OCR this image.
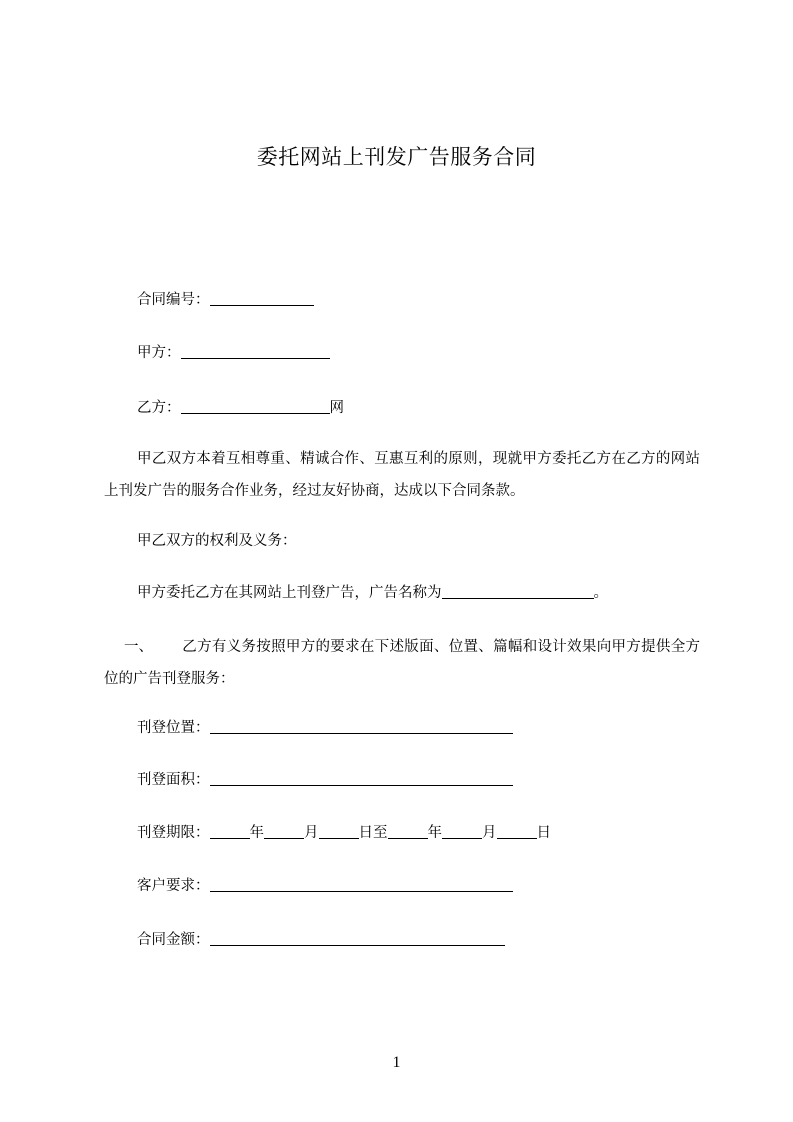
委托网站上刊发广告服务合同
合同编号：
甲方：
乙方：	网
甲乙双方本着互相尊重、精诚合作、互惠互利的原则，现就甲方委托乙方在乙方的网站上刊发广告的服务合作业务，经过友好协商，达成以下合同条款。
甲乙双方的权利及义务：
甲方委托乙方在其网站上刊登广告，广告名称为	。
一、 乙方有义务按照甲方的要求在下述版面、位置、篇幅和设计效果向甲方提供全方位的广告刊登服务：
刊登位置：
刊登面积：
刊登期限：	年	月	日至	年	月	日
客户要求：
合同金额：
1
